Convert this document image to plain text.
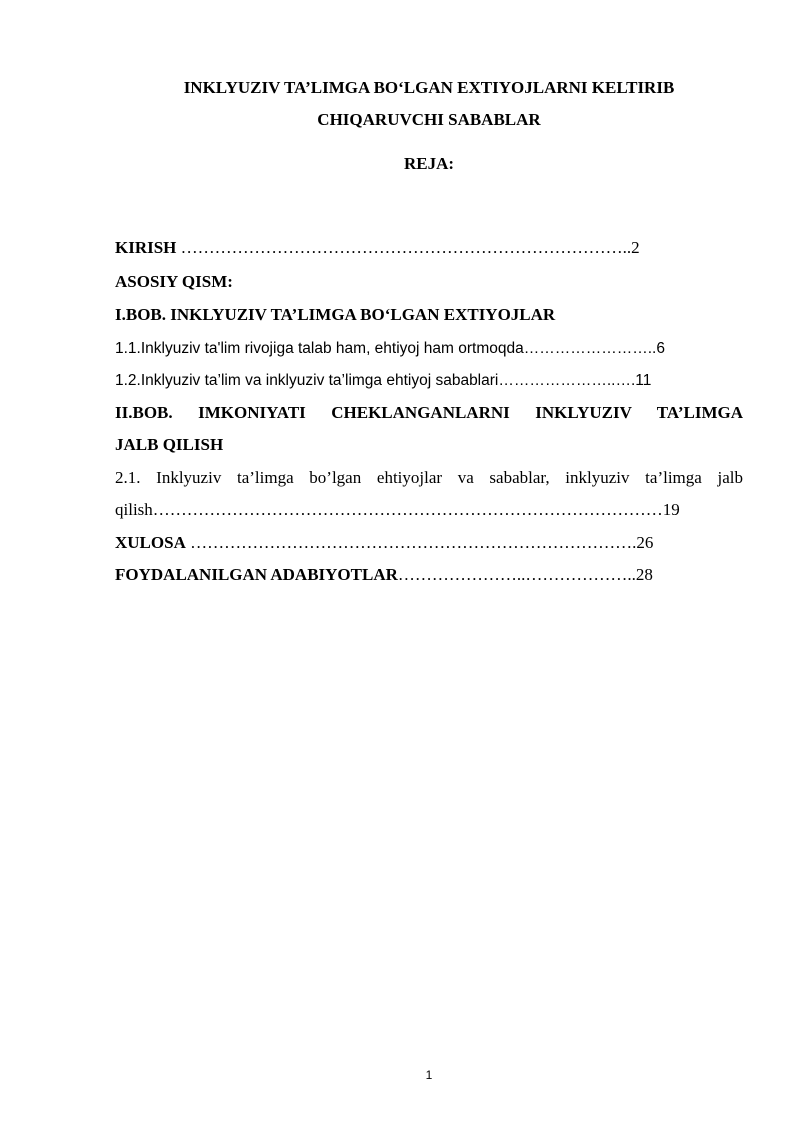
INKLYUZIV TA’LIMGA BO‘LGAN EXTIYOJLARNI KELTIRIB
CHIQARUVCHI SABABLAR
REJA:
KIRISH ……………………………………………………………………..2
ASOSIY QISM:
I.BOB. INKLYUZIV TA’LIMGA BO‘LGAN EXTIYOJLAR
1.1.Inklyuziv ta'lim rivojiga talab ham, ehtiyoj ham ortmoqda……………………..6
1.2.Inklyuziv ta’lim va inklyuziv ta’limga ehtiyoj sabablari…………………..….11
II.BOB. IMKONIYATI CHEKLANGANLARNI INKLYUZIV TA’LIMGA
JALB QILISH
2.1. Inklyuziv ta’limga bo’lgan ehtiyojlar va sabablar, inklyuziv ta’limga jalb
qilish………………………………………………………………………………19
XULOSA …………………………………………………………………….26
FOYDALANILGAN ADABIYOTLAR…………………..………………..28
1
